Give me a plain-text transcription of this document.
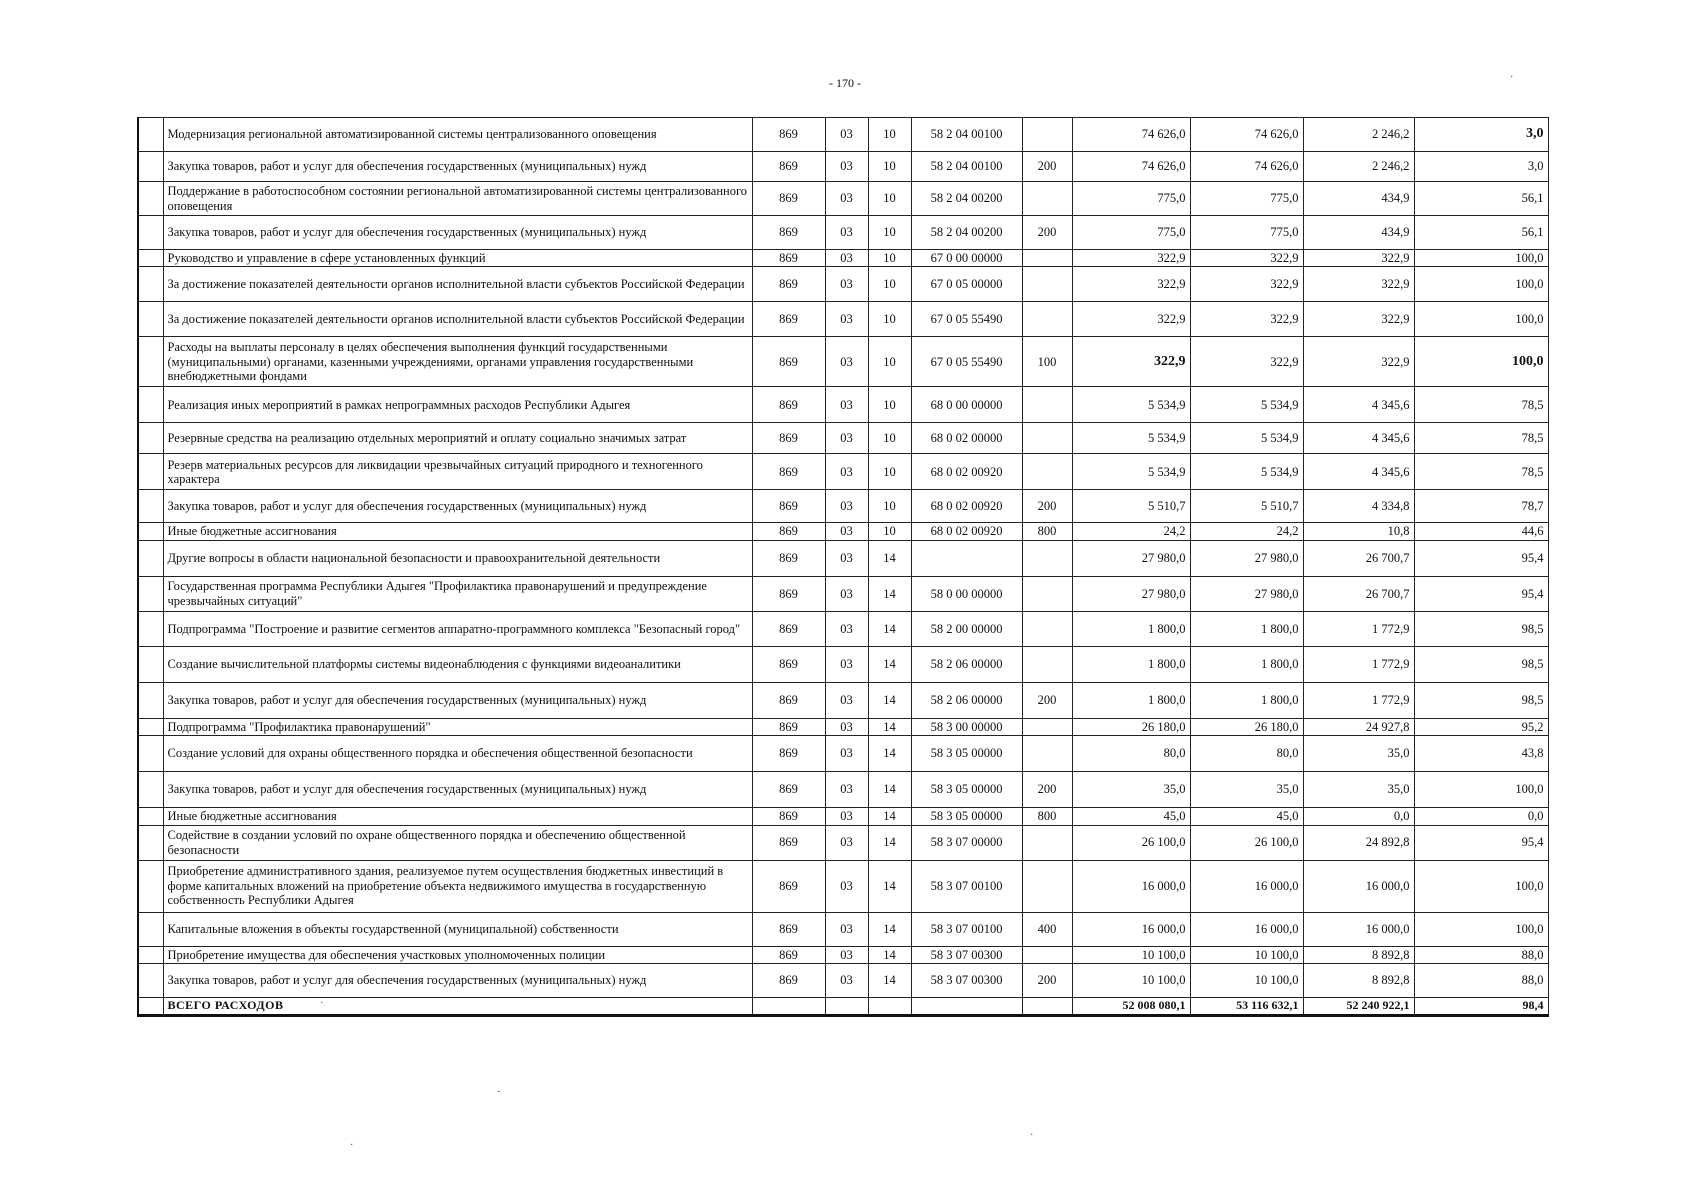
- 170 -
	Модернизация региональной автоматизированной системы централизованного оповещения	869	03	10	58 2 04 00100		74 626,0	74 626,0	2 246,2	3,0
	Закупка товаров, работ и услуг для обеспечения государственных (муниципальных) нужд	869	03	10	58 2 04 00100	200	74 626,0	74 626,0	2 246,2	3,0
	Поддержание в работоспособном состоянии региональной автоматизированной системы централизованного оповещения	869	03	10	58 2 04 00200		775,0	775,0	434,9	56,1
	Закупка товаров, работ и услуг для обеспечения государственных (муниципальных) нужд	869	03	10	58 2 04 00200	200	775,0	775,0	434,9	56,1
	Руководство и управление в сфере установленных функций	869	03	10	67 0 00 00000		322,9	322,9	322,9	100,0
	За достижение показателей деятельности органов исполнительной власти субъектов Российской Федерации	869	03	10	67 0 05 00000		322,9	322,9	322,9	100,0
	За достижение показателей деятельности органов исполнительной власти субъектов Российской Федерации	869	03	10	67 0 05 55490		322,9	322,9	322,9	100,0
	Расходы на выплаты персоналу в целях обеспечения выполнения функций государственными (муниципальными) органами, казенными учреждениями, органами управления государственными внебюджетными фондами	869	03	10	67 0 05 55490	100	322,9	322,9	322,9	100,0
	Реализация иных мероприятий в рамках непрограммных расходов Республики Адыгея	869	03	10	68 0 00 00000		5 534,9	5 534,9	4 345,6	78,5
	Резервные средства на реализацию отдельных мероприятий и оплату социально значимых затрат	869	03	10	68 0 02 00000		5 534,9	5 534,9	4 345,6	78,5
	Резерв материальных ресурсов для ликвидации чрезвычайных ситуаций природного и техногенного характера	869	03	10	68 0 02 00920		5 534,9	5 534,9	4 345,6	78,5
	Закупка товаров, работ и услуг для обеспечения государственных (муниципальных) нужд	869	03	10	68 0 02 00920	200	5 510,7	5 510,7	4 334,8	78,7
	Иные бюджетные ассигнования	869	03	10	68 0 02 00920	800	24,2	24,2	10,8	44,6
	Другие вопросы в области национальной безопасности и правоохранительной деятельности	869	03	14			27 980,0	27 980,0	26 700,7	95,4
	Государственная программа Республики Адыгея "Профилактика правонарушений и предупреждение чрезвычайных ситуаций"	869	03	14	58 0 00 00000		27 980,0	27 980,0	26 700,7	95,4
	Подпрограмма "Построение и развитие сегментов аппаратно-программного комплекса "Безопасный город"	869	03	14	58 2 00 00000		1 800,0	1 800,0	1 772,9	98,5
	Создание вычислительной платформы системы видеонаблюдения с функциями видеоаналитики	869	03	14	58 2 06 00000		1 800,0	1 800,0	1 772,9	98,5
	Закупка товаров, работ и услуг для обеспечения государственных (муниципальных) нужд	869	03	14	58 2 06 00000	200	1 800,0	1 800,0	1 772,9	98,5
	Подпрограмма "Профилактика правонарушений"	869	03	14	58 3 00 00000		26 180,0	26 180,0	24 927,8	95,2
	Создание условий для охраны общественного порядка и обеспечения общественной безопасности	869	03	14	58 3 05 00000		80,0	80,0	35,0	43,8
	Закупка товаров, работ и услуг для обеспечения государственных (муниципальных) нужд	869	03	14	58 3 05 00000	200	35,0	35,0	35,0	100,0
	Иные бюджетные ассигнования	869	03	14	58 3 05 00000	800	45,0	45,0	0,0	0,0
	Содействие в создании условий по охране общественного порядка и обеспечению общественной безопасности	869	03	14	58 3 07 00000		26 100,0	26 100,0	24 892,8	95,4
	Приобретение административного здания, реализуемое путем осуществления бюджетных инвестиций в форме капитальных вложений на приобретение объекта недвижимого имущества в государственную собственность Республики Адыгея	869	03	14	58 3 07 00100		16 000,0	16 000,0	16 000,0	100,0
	Капитальные вложения в объекты государственной (муниципальной) собственности	869	03	14	58 3 07 00100	400	16 000,0	16 000,0	16 000,0	100,0
	Приобретение имущества для обеспечения участковых уполномоченных полиции	869	03	14	58 3 07 00300		10 100,0	10 100,0	8 892,8	88,0
	Закупка товаров, работ и услуг для обеспечения государственных (муниципальных) нужд	869	03	14	58 3 07 00300	200	10 100,0	10 100,0	8 892,8	88,0
	ВСЕГО РАСХОДОВ						52 008 080,1	53 116 632,1	52 240 922,1	98,4
·
·
˜
·
·
